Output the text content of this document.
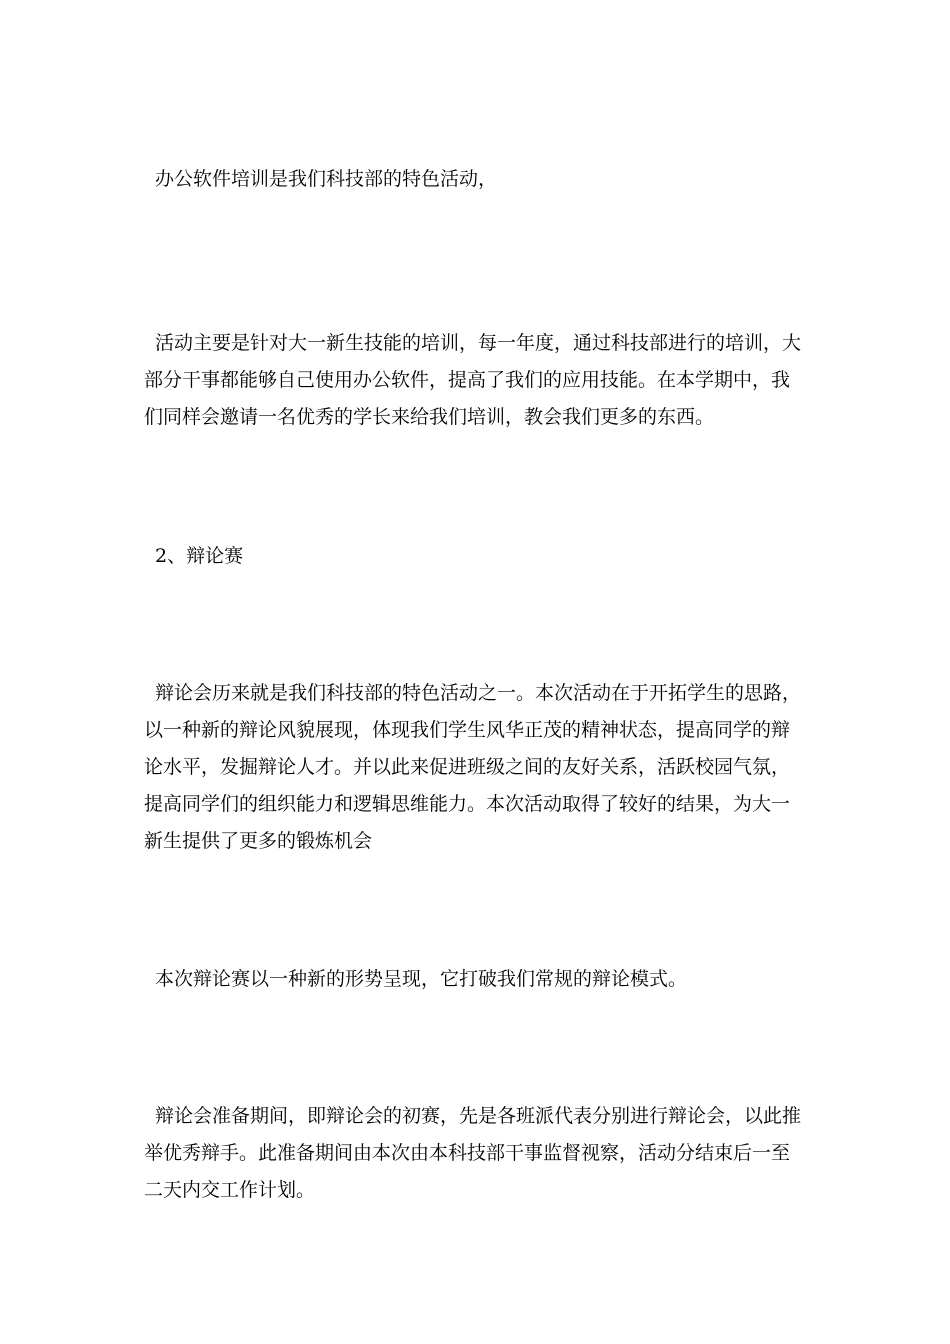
办公软件培训是我们科技部的特色活动，

活动主要是针对大一新生技能的培训，每一年度，通过科技部进行的培训，大
部分干事都能够自己使用办公软件，提高了我们的应用技能。在本学期中，我
们同样会邀请一名优秀的学长来给我们培训，教会我们更多的东西。

2、辩论赛

辩论会历来就是我们科技部的特色活动之一。本次活动在于开拓学生的思路，
以一种新的辩论风貌展现，体现我们学生风华正茂的精神状态，提高同学的辩
论水平，发掘辩论人才。并以此来促进班级之间的友好关系，活跃校园气氛，
提高同学们的组织能力和逻辑思维能力。本次活动取得了较好的结果，为大一
新生提供了更多的锻炼机会

本次辩论赛以一种新的形势呈现，它打破我们常规的辩论模式。

辩论会准备期间，即辩论会的初赛，先是各班派代表分别进行辩论会，以此推
举优秀辩手。此准备期间由本次由本科技部干事监督视察，活动分结束后一至
二天内交工作计划。
